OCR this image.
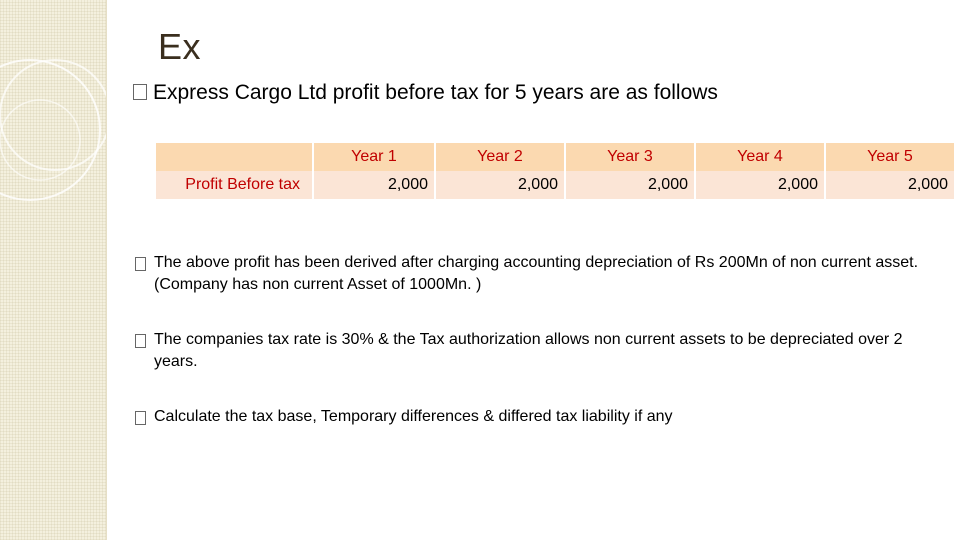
Ex
Express Cargo Ltd profit before tax for 5 years are as follows
	Year 1	Year 2	Year 3	Year 4	Year 5
Profit Before tax	2,000	2,000	2,000	2,000	2,000
The above profit has been derived after charging accounting depreciation of Rs 200Mn of non current asset. (Company has non current Asset of 1000Mn. )
The companies tax rate is 30% & the Tax authorization allows non current assets to be depreciated over 2 years.
Calculate the tax base, Temporary differences & differed tax liability if any
